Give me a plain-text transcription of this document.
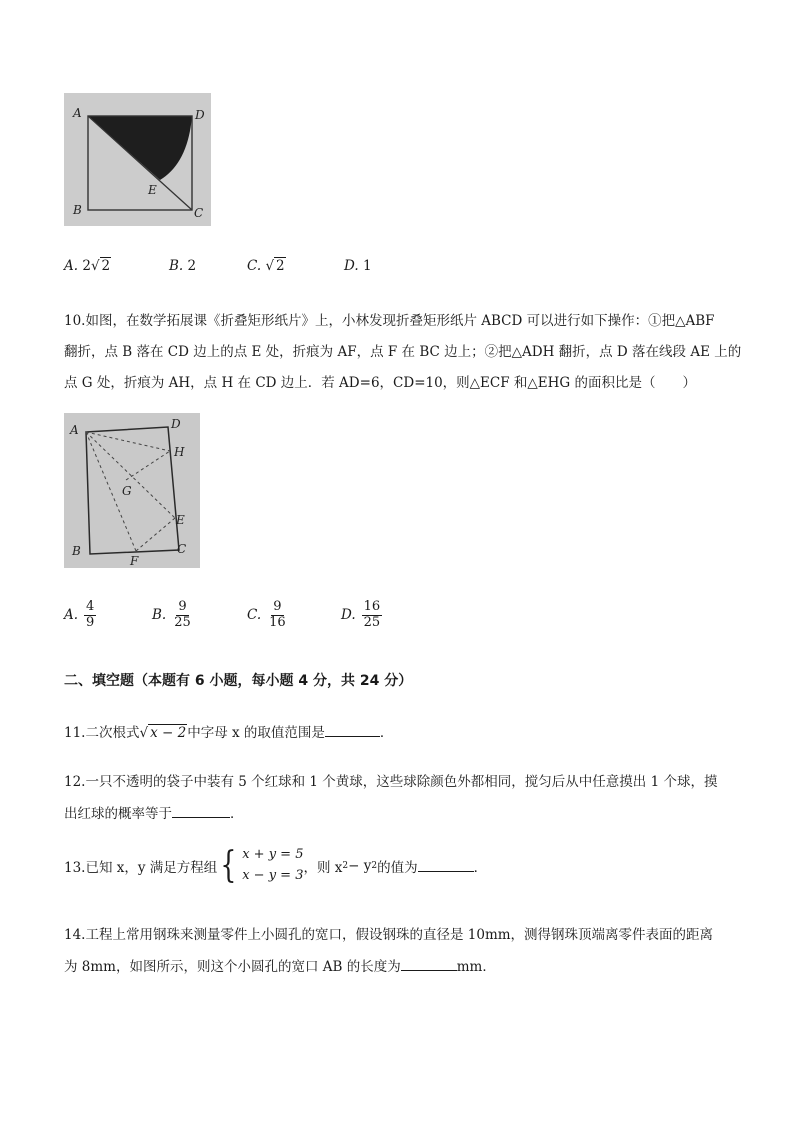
A	D
E
B	C
A. 2√ 2	B. 2	C. √ 2	D. 1
10.如图，在数学拓展课《折叠矩形纸片》上，小林发现折叠矩形纸片 ABCD 可以进行如下操作：①把△ABF
翻折，点 B 落在 CD 边上的点 E 处，折痕为 AF，点 F 在 BC 边上；②把△ADH 翻折，点 D 落在线段 AE 上的
点 G 处，折痕为 AH，点 H 在 CD 边上．若 AD=6，CD=10，则△ECF 和△EHG 的面积比是（　　）
A	D
H
G
E
B
F
C
A. $\frac{4}{9}$	B. $\frac{9}{25}$	C. $\frac{9}{16}$	D. $\frac{16}{25}$
二、填空题（本题有 6 小题，每小题 4 分，共 24 分）
11.二次根式√ x − 2中字母 x 的取值范围是	．
12.一只不透明的袋子中装有 5 个红球和 1 个黄球，这些球除颜色外都相同，搅匀后从中任意摸出 1 个球，摸
出红球的概率等于	．
13.已知 x，y 满足方程组 { x + y = 5
x − y = 3 ，则 x 2 − y 2 的值为	．
14.工程上常用钢珠来测量零件上小圆孔的宽口，假设钢珠的直径是 10mm，测得钢珠顶端离零件表面的距离
为 8mm，如图所示，则这个小圆孔的宽口 AB 的长度为	mm．
